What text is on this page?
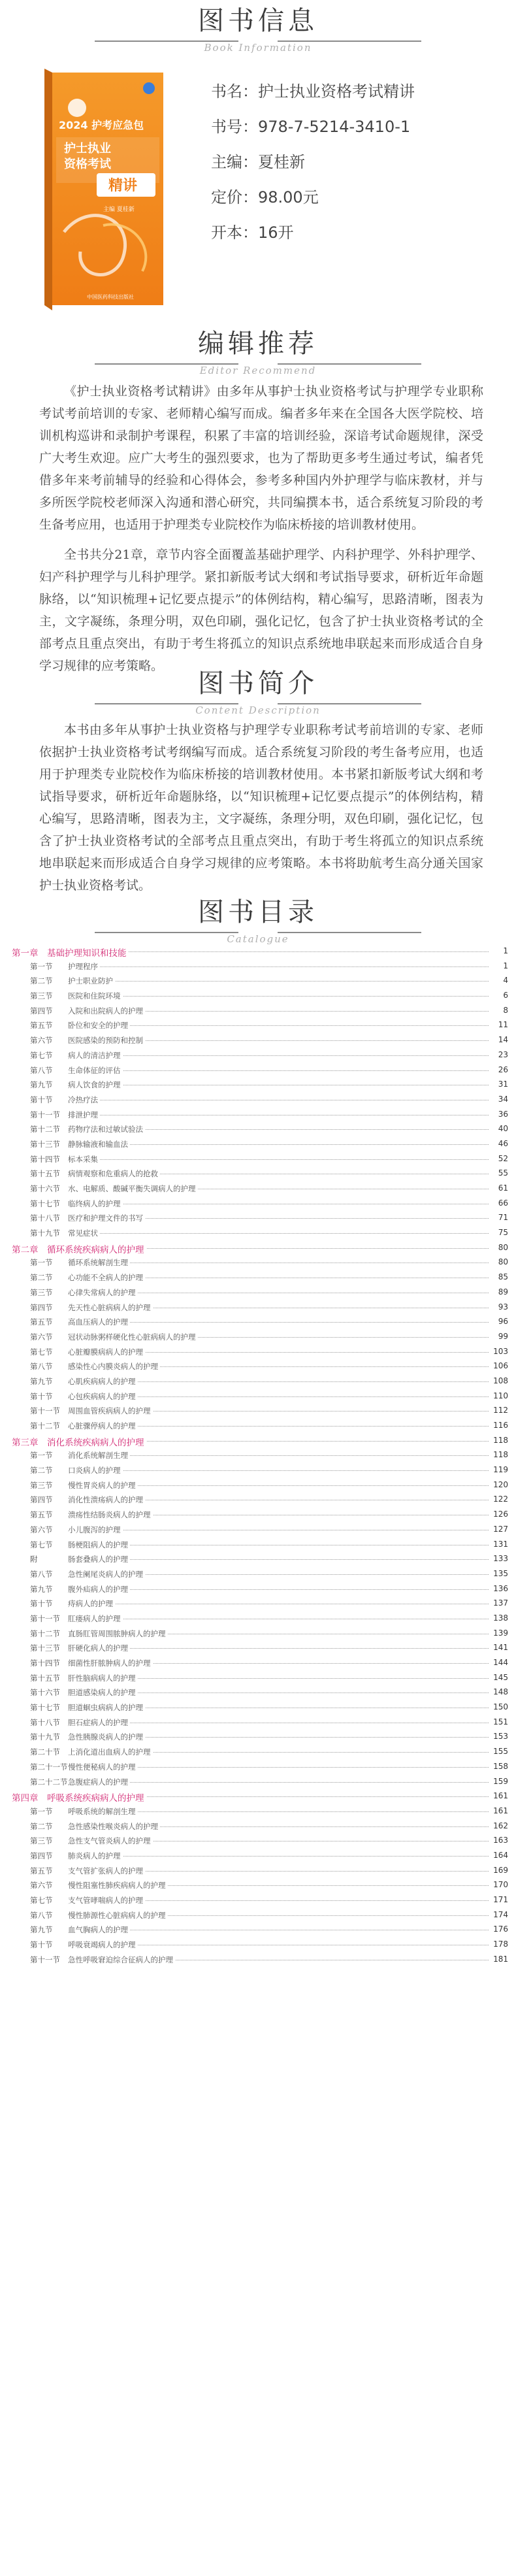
图书信息
Book Information
2024 护考应急包
护士执业
资格考试
精讲
主编 夏桂新
中国医药科技出版社
书名：护士执业资格考试精讲
书号：978-7-5214-3410-1
主编：夏桂新
定价：98.00元
开本：16开
编辑推荐
Editor Recommend

《护士执业资格考试精讲》由多年从事护士执业资格考试与护理学专业职称考试考前培训的专家、老师精心编写而成。编者多年来在全国各大医学院校、培训机构巡讲和录制护考课程，积累了丰富的培训经验，深谙考试命题规律，深受广大考生欢迎。应广大考生的强烈要求，也为了帮助更多考生通过考试，编者凭借多年来考前辅导的经验和心得体会，参考多种国内外护理学与临床教材，并与多所医学院校老师深入沟通和潜心研究，共同编撰本书，适合系统复习阶段的考生备考应用，也适用于护理类专业院校作为临床桥接的培训教材使用。

全书共分21章，章节内容全面覆盖基础护理学、内科护理学、外科护理学、妇产科护理学与儿科护理学。紧扣新版考试大纲和考试指导要求，研析近年命题脉络，以“知识梳理+记忆要点提示”的体例结构，精心编写，思路清晰，图表为主，文字凝练，条理分明，双色印刷，强化记忆，包含了护士执业资格考试的全部考点且重点突出，有助于考生将孤立的知识点系统地串联起来而形成适合自身学习规律的应考策略。

图书简介
Content Description

本书由多年从事护士执业资格与护理学专业职称考试考前培训的专家、老师依据护士执业资格考试考纲编写而成。适合系统复习阶段的考生备考应用，也适用于护理类专业院校作为临床桥接的培训教材使用。本书紧扣新版考试大纲和考试指导要求，研析近年命题脉络，以“知识梳理+记忆要点提示”的体例结构，精心编写，思路清晰，图表为主，文字凝练，条理分明，双色印刷，强化记忆，包含了护士执业资格考试的全部考点且重点突出，有助于考生将孤立的知识点系统地串联起来而形成适合自身学习规律的应考策略。本书将助航考生高分通关国家护士执业资格考试。

图书目录
Catalogue
第一章　基础护理知识和技能	1
第一节 护理程序	1
第二节 护士职业防护	4
第三节 医院和住院环境	6
第四节 入院和出院病人的护理	8
第五节 卧位和安全的护理	11
第六节 医院感染的预防和控制	14
第七节 病人的清洁护理	23
第八节 生命体征的评估	26
第九节 病人饮食的护理	31
第十节 冷热疗法	34
第十一节 排泄护理	36
第十二节 药物疗法和过敏试验法	40
第十三节 静脉输液和输血法	46
第十四节 标本采集	52
第十五节 病情观察和危重病人的抢救	55
第十六节 水、电解质、酸碱平衡失调病人的护理	61
第十七节 临终病人的护理	66
第十八节 医疗和护理文件的书写	71
第十九节 常见症状	75
第二章　循环系统疾病病人的护理	80
第一节 循环系统解剖生理	80
第二节 心功能不全病人的护理	85
第三节 心律失常病人的护理	89
第四节 先天性心脏病病人的护理	93
第五节 高血压病人的护理	96
第六节 冠状动脉粥样硬化性心脏病病人的护理	99
第七节 心脏瓣膜病病人的护理	103
第八节 感染性心内膜炎病人的护理	106
第九节 心肌疾病病人的护理	108
第十节 心包疾病病人的护理	110
第十一节 周围血管疾病病人的护理	112
第十二节 心脏骤停病人的护理	116
第三章　消化系统疾病病人的护理	118
第一节 消化系统解剖生理	118
第二节 口炎病人的护理	119
第三节 慢性胃炎病人的护理	120
第四节 消化性溃疡病人的护理	122
第五节 溃疡性结肠炎病人的护理	126
第六节 小儿腹泻的护理	127
第七节 肠梗阻病人的护理	131
附	肠套叠病人的护理	133
第八节 急性阑尾炎病人的护理	135
第九节 腹外疝病人的护理	136
第十节 痔病人的护理	137
第十一节 肛瘘病人的护理	138
第十二节 直肠肛管周围脓肿病人的护理	139
第十三节 肝硬化病人的护理	141
第十四节 细菌性肝脓肿病人的护理	144
第十五节 肝性脑病病人的护理	145
第十六节 胆道感染病人的护理	148
第十七节 胆道蛔虫病病人的护理	150
第十八节 胆石症病人的护理	151
第十九节 急性胰腺炎病人的护理	153
第二十节 上消化道出血病人的护理	155
第二十一节 慢性便秘病人的护理	158
第二十二节 急腹症病人的护理	159
第四章　呼吸系统疾病病人的护理	161
第一节 呼吸系统的解剖生理	161
第二节 急性感染性喉炎病人的护理	162
第三节 急性支气管炎病人的护理	163
第四节 肺炎病人的护理	164
第五节 支气管扩张病人的护理	169
第六节 慢性阻塞性肺疾病病人的护理	170
第七节 支气管哮喘病人的护理	171
第八节 慢性肺源性心脏病病人的护理	174
第九节 血气胸病人的护理	176
第十节 呼吸衰竭病人的护理	178
第十一节 急性呼吸窘迫综合征病人的护理	181
